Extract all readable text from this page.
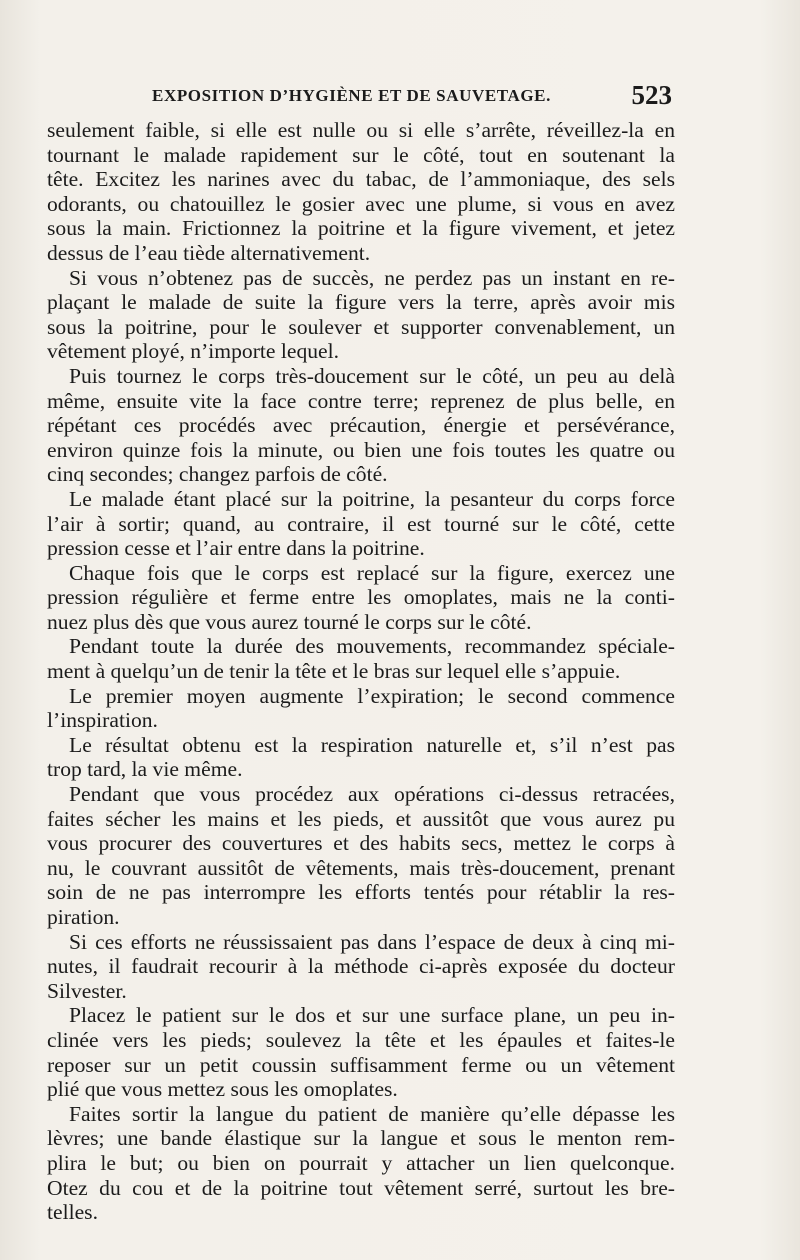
EXPOSITION D’HYGIÈNE ET DE SAUVETAGE.	523
seulement faible, si elle est nulle ou si elle s’arrête, réveillez-la en
tournant le malade rapidement sur le côté, tout en soutenant la
tête. Excitez les narines avec du tabac, de l’ammoniaque, des sels
odorants, ou chatouillez le gosier avec une plume, si vous en avez
sous la main. Frictionnez la poitrine et la figure vivement, et jetez
dessus de l’eau tiède alternativement.
Si vous n’obtenez pas de succès, ne perdez pas un instant en re-
plaçant le malade de suite la figure vers la terre, après avoir mis
sous la poitrine, pour le soulever et supporter convenablement, un
vêtement ployé, n’importe lequel.
Puis tournez le corps très-doucement sur le côté, un peu au delà
même, ensuite vite la face contre terre; reprenez de plus belle, en
répétant ces procédés avec précaution, énergie et persévérance,
environ quinze fois la minute, ou bien une fois toutes les quatre ou
cinq secondes; changez parfois de côté.
Le malade étant placé sur la poitrine, la pesanteur du corps force
l’air à sortir; quand, au contraire, il est tourné sur le côté, cette
pression cesse et l’air entre dans la poitrine.
Chaque fois que le corps est replacé sur la figure, exercez une
pression régulière et ferme entre les omoplates, mais ne la conti-
nuez plus dès que vous aurez tourné le corps sur le côté.
Pendant toute la durée des mouvements, recommandez spéciale-
ment à quelqu’un de tenir la tête et le bras sur lequel elle s’appuie.
Le premier moyen augmente l’expiration; le second commence
l’inspiration.
Le résultat obtenu est la respiration naturelle et, s’il n’est pas
trop tard, la vie même.
Pendant que vous procédez aux opérations ci-dessus retracées,
faites sécher les mains et les pieds, et aussitôt que vous aurez pu
vous procurer des couvertures et des habits secs, mettez le corps à
nu, le couvrant aussitôt de vêtements, mais très-doucement, prenant
soin de ne pas interrompre les efforts tentés pour rétablir la res-
piration.
Si ces efforts ne réussissaient pas dans l’espace de deux à cinq mi-
nutes, il faudrait recourir à la méthode ci-après exposée du docteur
Silvester.
Placez le patient sur le dos et sur une surface plane, un peu in-
clinée vers les pieds; soulevez la tête et les épaules et faites-le
reposer sur un petit coussin suffisamment ferme ou un vêtement
plié que vous mettez sous les omoplates.
Faites sortir la langue du patient de manière qu’elle dépasse les
lèvres; une bande élastique sur la langue et sous le menton rem-
plira le but; ou bien on pourrait y attacher un lien quelconque.
Otez du cou et de la poitrine tout vêtement serré, surtout les bre-
telles.
